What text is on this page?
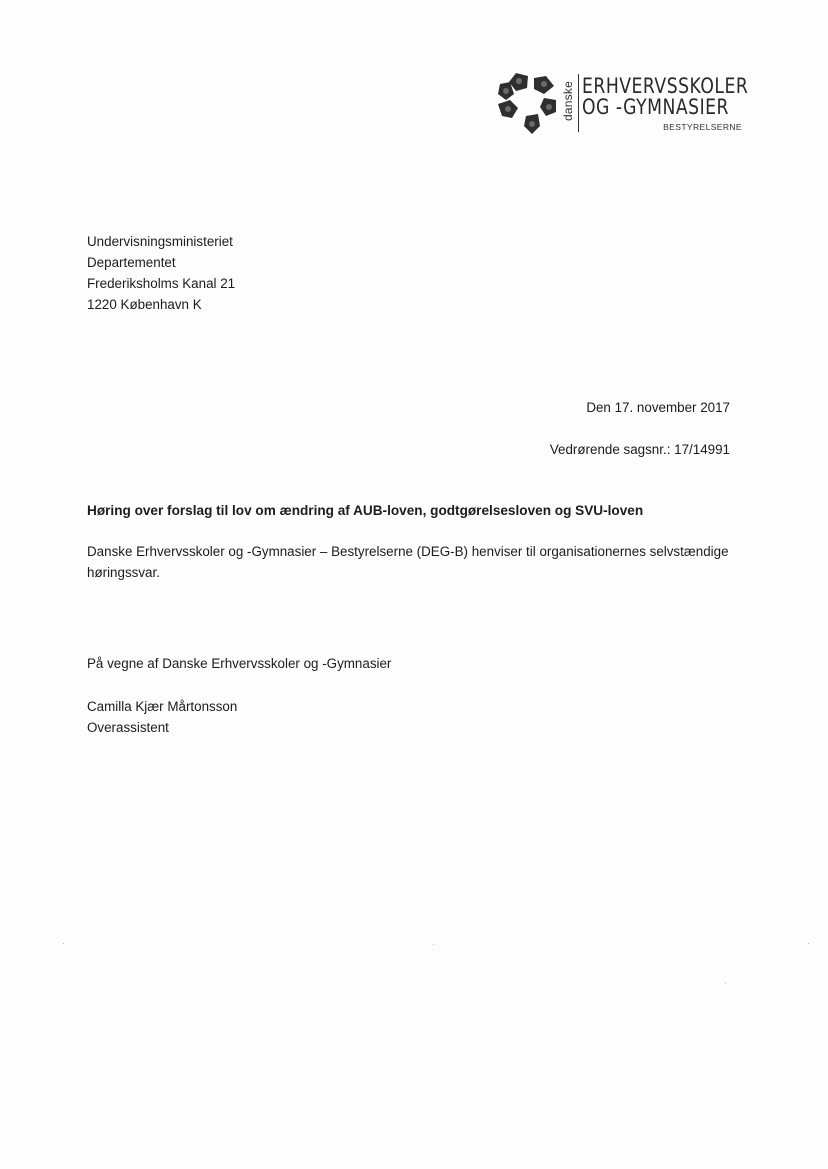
danske ERHVERVSSKOLER
OG -GYMNASIER
BESTYRELSERNE
Undervisningsministeriet
Departementet
Frederiksholms Kanal 21
1220 København K
Den 17. november 2017
Vedrørende sagsnr.: 17/14991
Høring over forslag til lov om ændring af AUB-loven, godtgørelsesloven og SVU-loven
Danske Erhvervsskoler og -Gymnasier – Bestyrelserne (DEG-B) henviser til organisationernes selvstændige høringssvar.
På vegne af Danske Erhvervsskoler og -Gymnasier
Camilla Kjær Mårtonsson
Overassistent
